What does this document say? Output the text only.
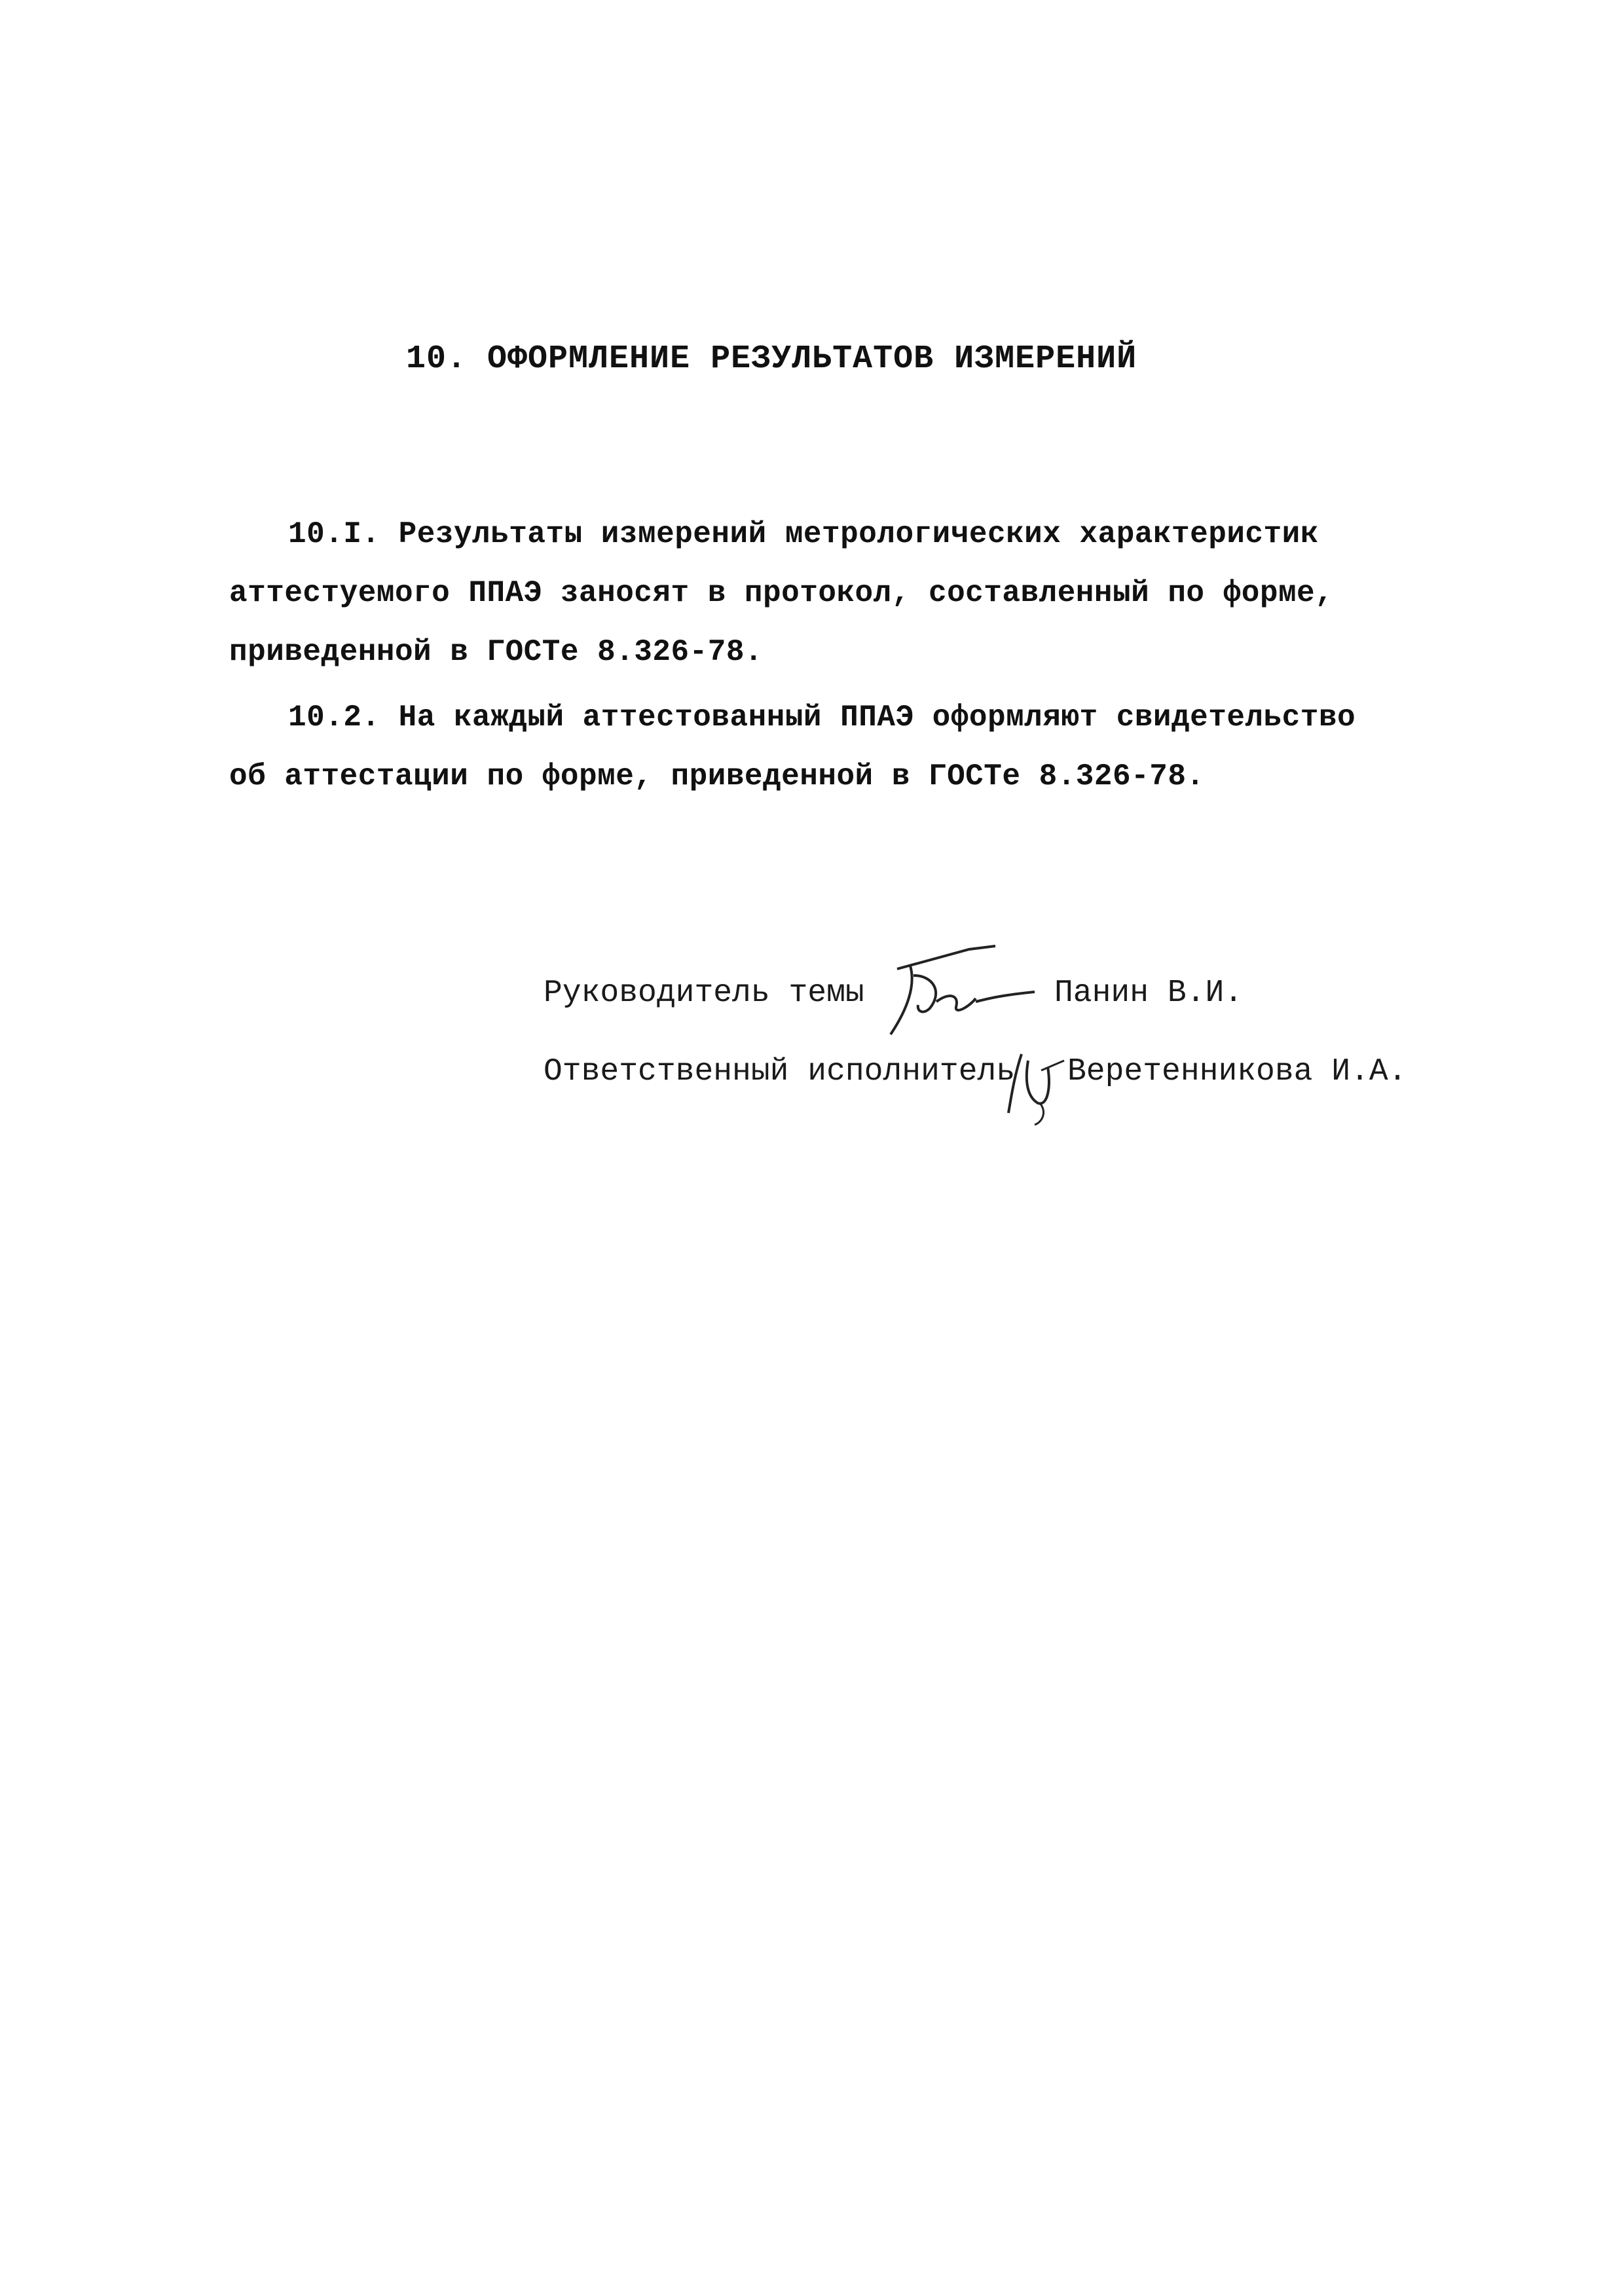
10. ОФОРМЛЕНИЕ РЕЗУЛЬТАТОВ ИЗМЕРЕНИЙ
10.I. Результаты измерений метрологических характеристик
аттестуемого ППАЭ заносят в протокол, составленный по форме,
приведенной в ГОСТе 8.326-78.
10.2. На каждый аттестованный ППАЭ оформляют свидетельство
об аттестации по форме, приведенной в ГОСТе 8.326-78.
Руководитель темы	Панин В.И.
Ответственный исполнитель Веретенникова И.А.
